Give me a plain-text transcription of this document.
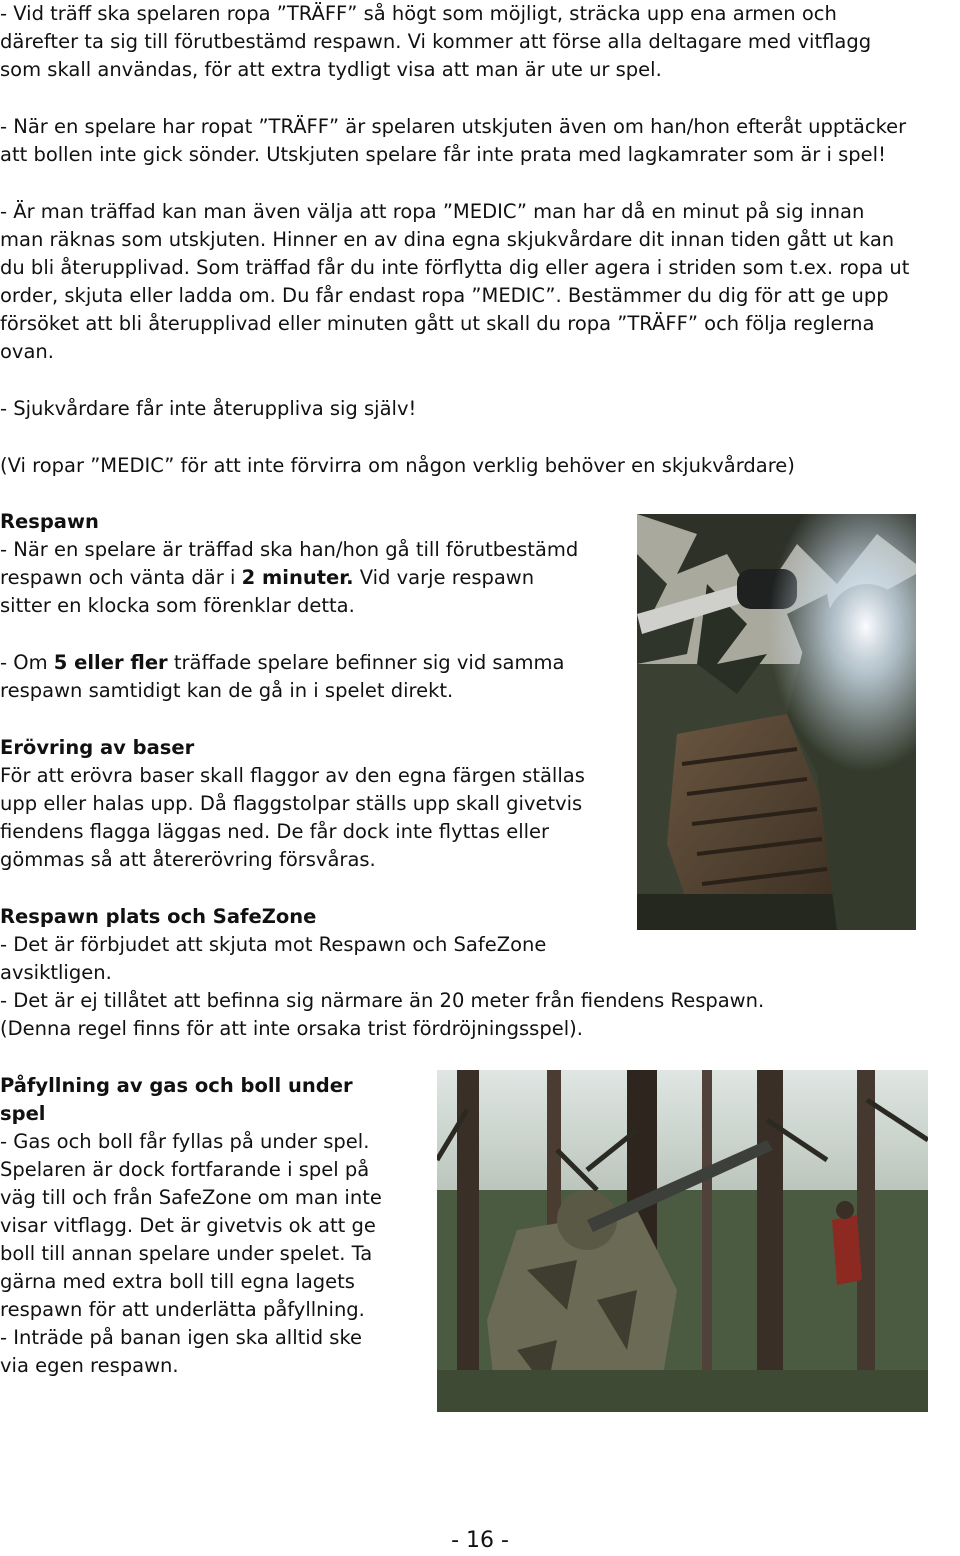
- Vid träff ska spelaren ropa ”TRÄFF” så högt som möjligt, sträcka upp ena armen och

därefter ta sig till förutbestämd respawn. Vi kommer att förse alla deltagare med vitflagg

som skall användas, för att extra tydligt visa att man är ute ur spel.

- När en spelare har ropat ”TRÄFF” är spelaren utskjuten även om han/hon efteråt upptäcker

att bollen inte gick sönder. Utskjuten spelare får inte prata med lagkamrater som är i spel!

- Är man träffad kan man även välja att ropa ”MEDIC” man har då en minut på sig innan

man räknas som utskjuten. Hinner en av dina egna skjukvårdare dit innan tiden gått ut kan

du bli återupplivad. Som träffad får du inte förflytta dig eller agera i striden som t.ex. ropa ut

order, skjuta eller ladda om. Du får endast ropa ”MEDIC”. Bestämmer du dig för att ge upp

försöket att bli återupplivad eller minuten gått ut skall du ropa ”TRÄFF” och följa reglerna

ovan.

- Sjukvårdare får inte återuppliva sig själv!

(Vi ropar ”MEDIC” för att inte förvirra om någon verklig behöver en skjukvårdare)

Respawn

- När en spelare är träffad ska han/hon gå till förutbestämd

respawn och vänta där i 2 minuter. Vid varje respawn

sitter en klocka som förenklar detta.

- Om 5 eller fler träffade spelare befinner sig vid samma

respawn samtidigt kan de gå in i spelet direkt.

Erövring av baser

För att erövra baser skall flaggor av den egna färgen ställas

upp eller halas upp. Då flaggstolpar ställs upp skall givetvis

fiendens flagga läggas ned. De får dock inte flyttas eller

gömmas så att återerövring försvåras.

Respawn plats och SafeZone

- Det är förbjudet att skjuta mot Respawn och SafeZone

avsiktligen.

- Det är ej tillåtet att befinna sig närmare än 20 meter från fiendens Respawn.

(Denna regel finns för att inte orsaka trist fördröjningsspel).

Påfyllning av gas och boll under

spel

- Gas och boll får fyllas på under spel.

Spelaren är dock fortfarande i spel på

väg till och från SafeZone om man inte

visar vitflagg. Det är givetvis ok att ge

boll till annan spelare under spelet. Ta

gärna med extra boll till egna lagets

respawn för att underlätta påfyllning.

- Inträde på banan igen ska alltid ske

via egen respawn.

- 16 -
